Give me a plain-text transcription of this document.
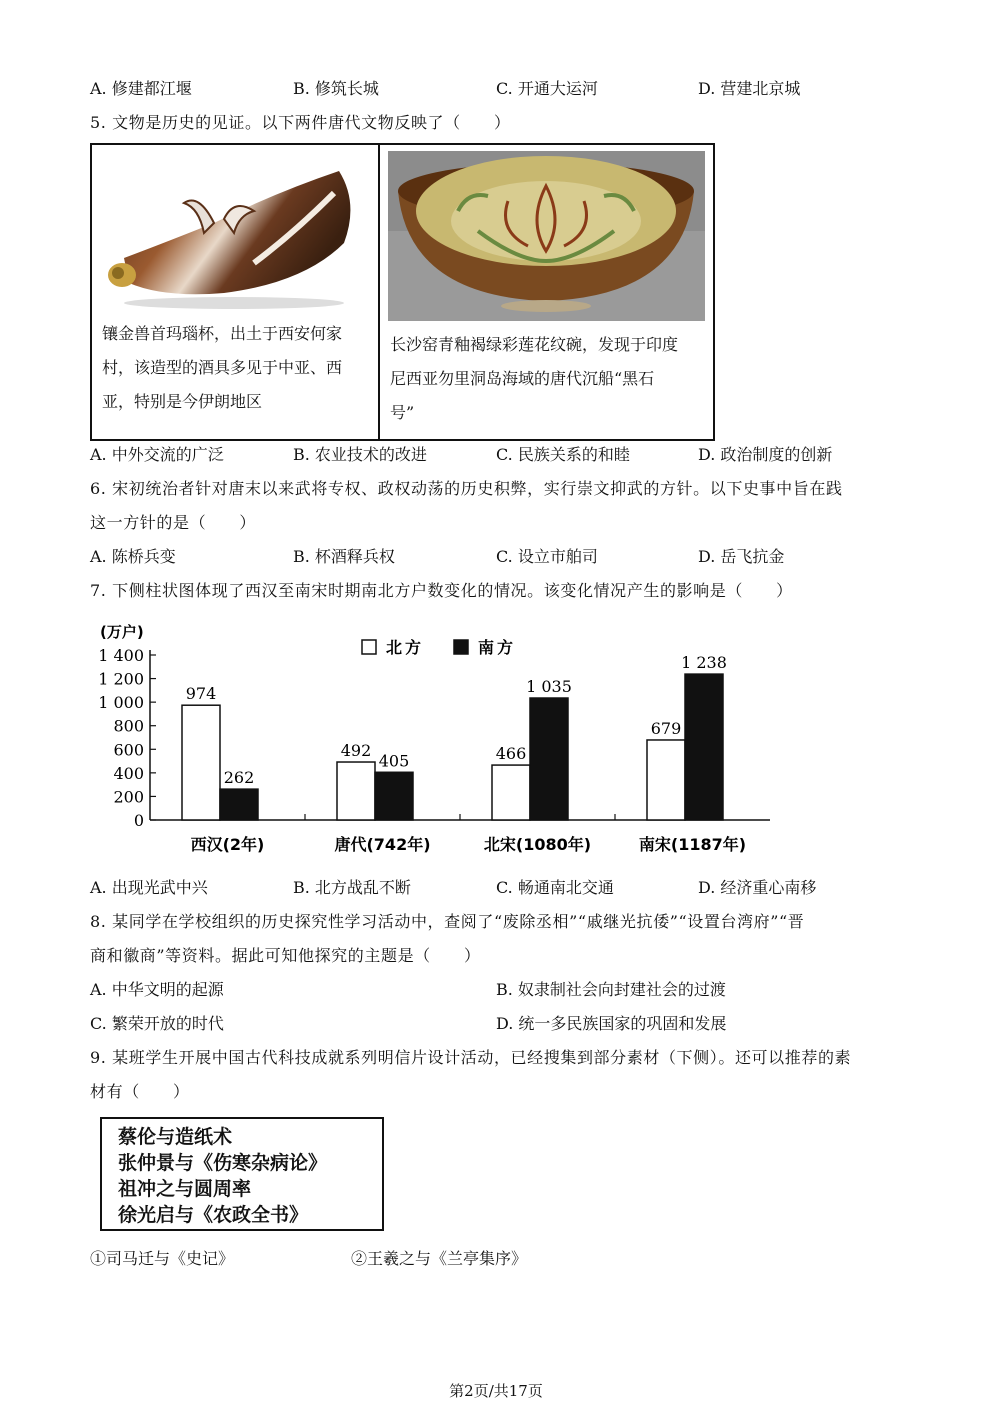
A. 修建都江堰	B. 修筑长城	C. 开通大运河	D. 营建北京城
5. 文物是历史的见证。以下两件唐代文物反映了（　　）
镶金兽首玛瑙杯，出土于西安何家
村，该造型的酒具多见于中亚、西
亚，特别是今伊朗地区
长沙窑青釉褐绿彩莲花纹碗，发现于印度
尼西亚勿里洞岛海域的唐代沉船“黑石
号”
A. 中外交流的广泛	B. 农业技术的改进	C. 民族关系的和睦	D. 政治制度的创新
6. 宋初统治者针对唐末以来武将专权、政权动荡的历史积弊，实行崇文抑武的方针。以下史事中旨在践
这一方针的是（　　）
A. 陈桥兵变	B. 杯酒释兵权	C. 设立市舶司	D. 岳飞抗金
7. 下侧柱状图体现了西汉至南宋时期南北方户数变化的情况。该变化情况产生的影响是（　　）
(万户)
0
200
400
600
800
1 000
1 200
1 400
974
262
西汉(2年)
492
405
唐代(742年)
466
1 035
北宋(1080年)
679
1 238
南宋(1187年)
北方	南方
A. 出现光武中兴	B. 北方战乱不断	C. 畅通南北交通	D. 经济重心南移
8. 某同学在学校组织的历史探究性学习活动中，查阅了“废除丞相”“戚继光抗倭”“设置台湾府”“晋
商和徽商”等资料。据此可知他探究的主题是（　　）
A. 中华文明的起源	B. 奴隶制社会向封建社会的过渡
C. 繁荣开放的时代	D. 统一多民族国家的巩固和发展
9. 某班学生开展中国古代科技成就系列明信片设计活动，已经搜集到部分素材（下侧）。还可以推荐的素
材有（　　）
蔡伦与造纸术
张仲景与《伤寒杂病论》
祖冲之与圆周率
徐光启与《农政全书》
①司马迁与《史记》	②王羲之与《兰亭集序》
第2页/共17页
